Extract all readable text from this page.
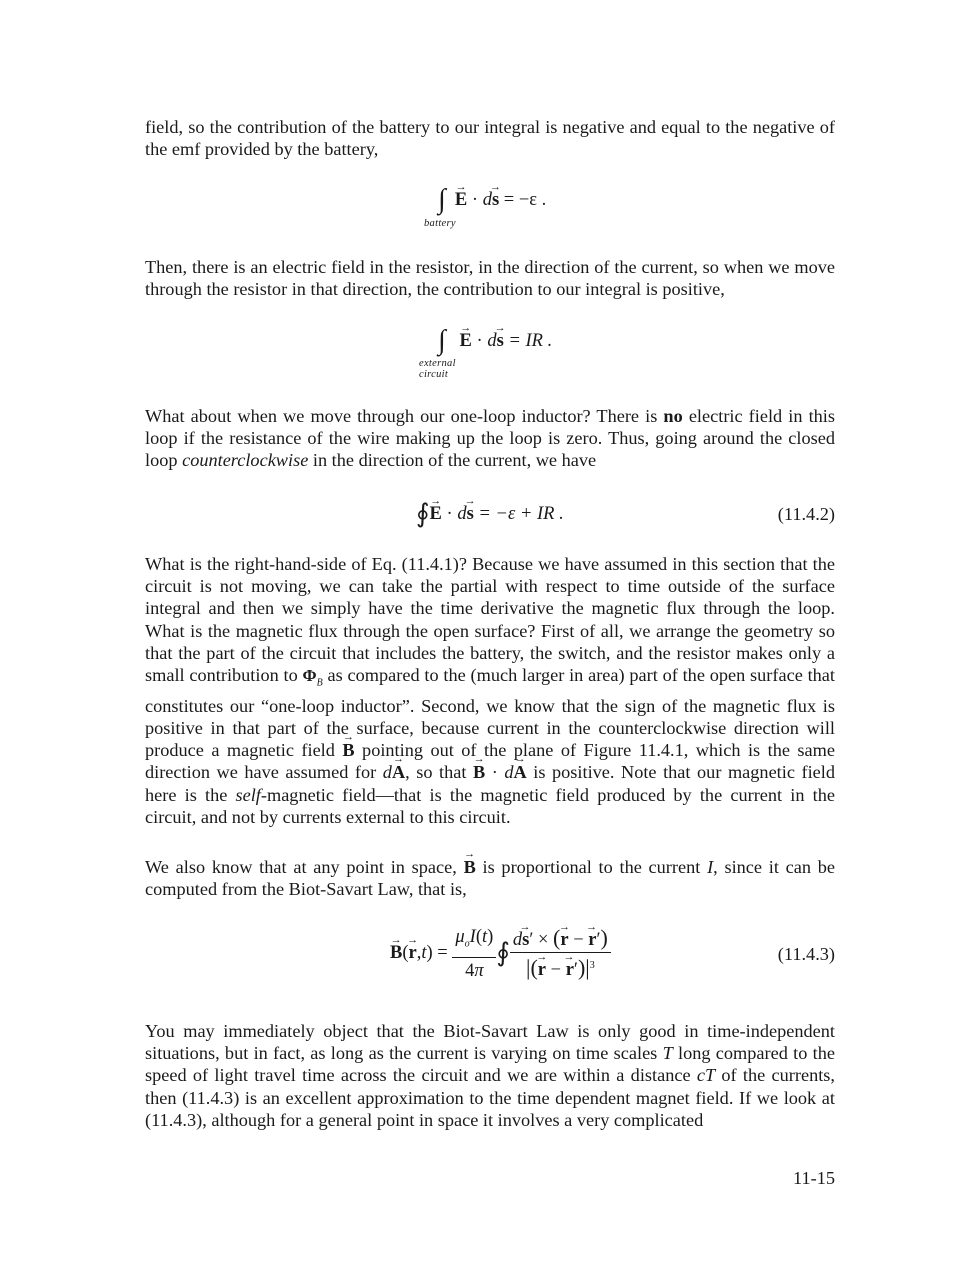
field, so the contribution of the battery to our integral is negative and equal to the negative of the emf provided by the battery,

∫ → E · d→ s = −ε .
battery

Then, there is an electric field in the resistor, in the direction of the current, so when we move through the resistor in that direction, the contribution to our integral is positive,

∫ → E · d→ s = IR .
external
circuit

What about when we move through our one-loop inductor? There is no electric field in this loop if the resistance of the wire making up the loop is zero. Thus, going around the closed loop counterclockwise in the direction of the current, we have

∮→ E · d→ s = −ε + IR .	(11.4.2)

What is the right-hand-side of Eq. (11.4.1)? Because we have assumed in this section that the circuit is not moving, we can take the partial with respect to time outside of the surface integral and then we simply have the time derivative the magnetic flux through the loop. What is the magnetic flux through the open surface? First of all, we arrange the geometry so that the part of the circuit that includes the battery, the switch, and the resistor makes only a small contribution to $\Phi_B$ as compared to the (much larger in area) part of the open surface that constitutes our “one-loop inductor”. Second, we know that the sign of the magnetic flux is positive in that part of the surface, because current in the counterclockwise direction will produce a magnetic field → B pointing out of the plane of Figure 11.4.1, which is the same direction we have assumed for d→ A, so that → B · d→ A is positive. Note that our magnetic field here is the self-magnetic field—that is the magnetic field produced by the current in the circuit, and not by currents external to this circuit.

We also know that at any point in space, → B is proportional to the current I, since it can be computed from the Biot-Savart Law, that is,

→ $B(\to r,t) = \frac{\mu_oI(t)}{4\pi}$ ∮ $\frac{d\to s' \times (\to r - \to r')}{|(\to r - \to r')|^3}$	(11.4.3)

You may immediately object that the Biot-Savart Law is only good in time-independent situations, but in fact, as long as the current is varying on time scales T long compared to the speed of light travel time across the circuit and we are within a distance cT of the currents, then (11.4.3) is an excellent approximation to the time dependent magnet field. If we look at (11.4.3), although for a general point in space it involves a very complicated

11-15
